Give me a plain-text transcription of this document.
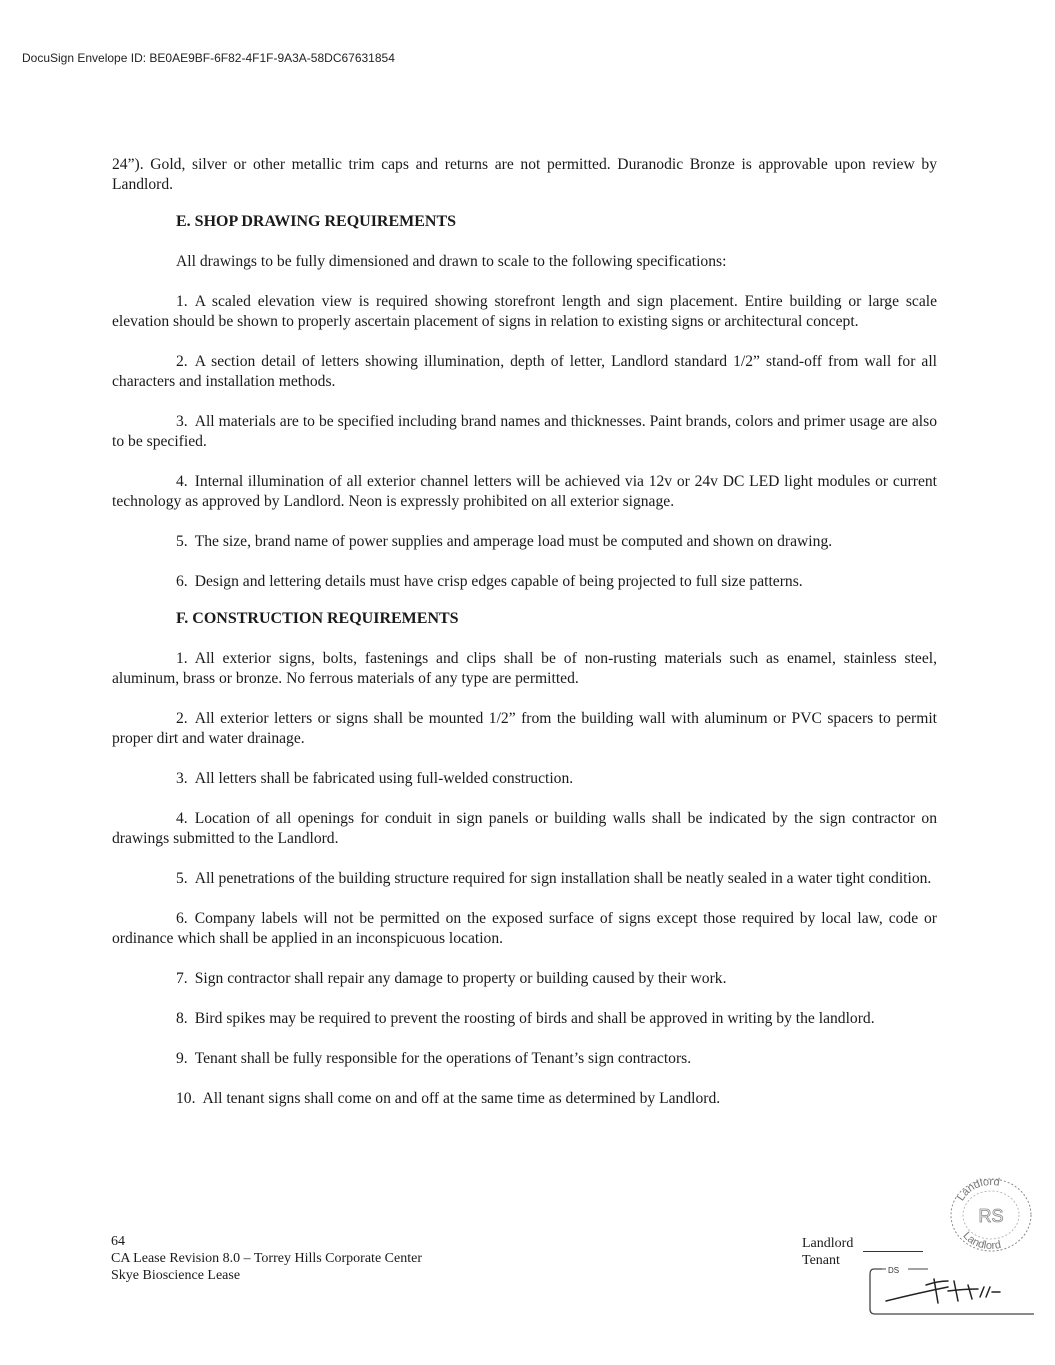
DocuSign Envelope ID: BE0AE9BF-6F82-4F1F-9A3A-58DC67631854

24”). Gold, silver or other metallic trim caps and returns are not permitted. Duranodic Bronze is approvable upon review by Landlord.

E. SHOP DRAWING REQUIREMENTS
All drawings to be fully dimensioned and drawn to scale to the following specifications:
1. A scaled elevation view is required showing storefront length and sign placement. Entire building or large scale elevation should be shown to properly ascertain placement of signs in relation to existing signs or architectural concept.
2. A section detail of letters showing illumination, depth of letter, Landlord standard 1/2” stand-off from wall for all characters and installation methods.
3. All materials are to be specified including brand names and thicknesses. Paint brands, colors and primer usage are also to be specified.
4. Internal illumination of all exterior channel letters will be achieved via 12v or 24v DC LED light modules or current technology as approved by Landlord. Neon is expressly prohibited on all exterior signage.
5. The size, brand name of power supplies and amperage load must be computed and shown on drawing.
6. Design and lettering details must have crisp edges capable of being projected to full size patterns.
F. CONSTRUCTION REQUIREMENTS
1. All exterior signs, bolts, fastenings and clips shall be of non-rusting materials such as enamel, stainless steel, aluminum, brass or bronze. No ferrous materials of any type are permitted.
2. All exterior letters or signs shall be mounted 1/2” from the building wall with aluminum or PVC spacers to permit proper dirt and water drainage.
3. All letters shall be fabricated using full-welded construction.
4. Location of all openings for conduit in sign panels or building walls shall be indicated by the sign contractor on drawings submitted to the Landlord.
5. All penetrations of the building structure required for sign installation shall be neatly sealed in a water tight condition.
6. Company labels will not be permitted on the exposed surface of signs except those required by local law, code or ordinance which shall be applied in an inconspicuous location.
7. Sign contractor shall repair any damage to property or building caused by their work.
8. Bird spikes may be required to prevent the roosting of birds and shall be approved in writing by the landlord.
9. Tenant shall be fully responsible for the operations of Tenant’s sign contractors.
10. All tenant signs shall come on and off at the same time as determined by Landlord.
64
CA Lease Revision 8.0 – Torrey Hills Corporate Center
Skye Bioscience Lease
Landlord
Tenant
Landlord
Landlord
RS
DS
